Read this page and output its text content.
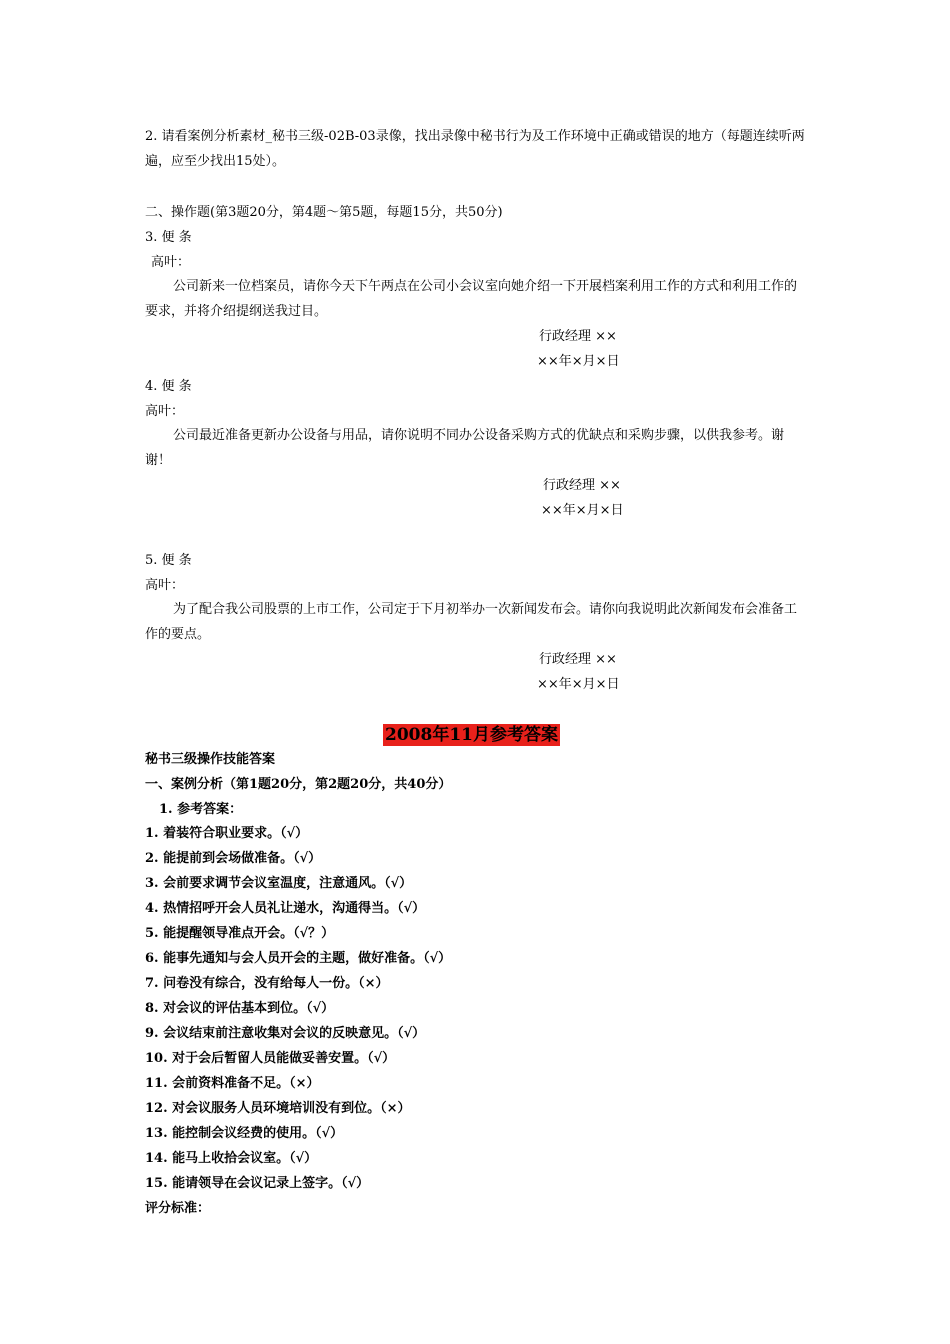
2. 请看案例分析素材_秘书三级-02B-03录像，找出录像中秘书行为及工作环境中正确或错误的地方（每题连续听两遍，应至少找出15处）。
二、操作题(第3题20分，第4题～第5题，每题15分，共50分)
3. 便 条
高叶：
公司新来一位档案员，请你今天下午两点在公司小会议室向她介绍一下开展档案利用工作的方式和利用工作的要求，并将介绍提纲送我过目。
行政经理 ××
××年×月×日
4. 便 条
高叶：
公司最近准备更新办公设备与用品，请你说明不同办公设备采购方式的优缺点和采购步骤，以供我参考。谢谢！
行政经理 ××
××年×月×日
5. 便 条
高叶：
为了配合我公司股票的上市工作，公司定于下月初举办一次新闻发布会。请你向我说明此次新闻发布会准备工作的要点。
行政经理 ××
××年×月×日
2008年11月参考答案
秘书三级操作技能答案
一、案例分析（第1题20分，第2题20分，共40分）
1. 参考答案：
1. 着装符合职业要求。（√）
2. 能提前到会场做准备。（√）
3. 会前要求调节会议室温度，注意通风。（√）
4. 热情招呼开会人员礼让递水，沟通得当。（√）
5. 能提醒领导准点开会。（√？）
6. 能事先通知与会人员开会的主题，做好准备。（√）
7. 问卷没有综合，没有给每人一份。（×）
8. 对会议的评估基本到位。（√）
9. 会议结束前注意收集对会议的反映意见。（√）
10. 对于会后暂留人员能做妥善安置。（√）
11. 会前资料准备不足。（×）
12. 对会议服务人员环境培训没有到位。（×）
13. 能控制会议经费的使用。（√）
14. 能马上收拾会议室。（√）
15. 能请领导在会议记录上签字。（√）
评分标准：
